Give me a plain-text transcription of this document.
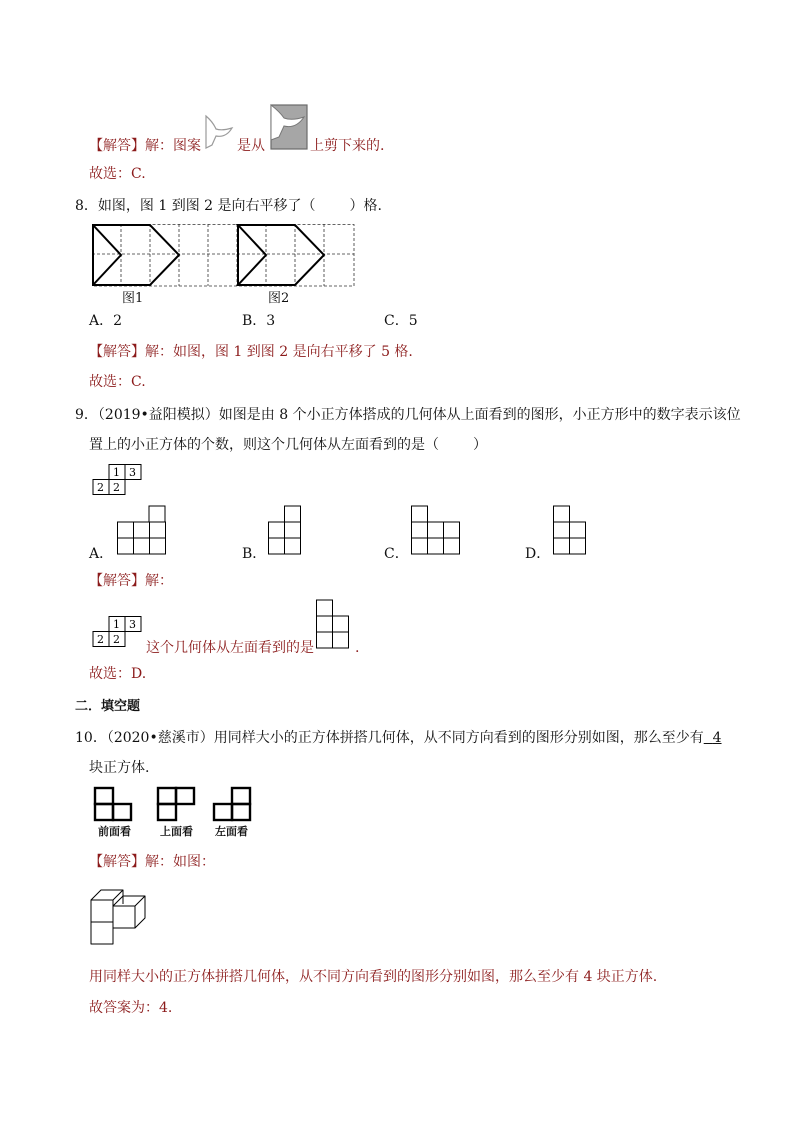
【解答】解：图案	是从	上剪下来的.
故选：C.
8．如图，图 1 到图 2 是向右平移了（ ）格.
图1	图2
A．2	B．3	C．5
【解答】解：如图，图 1 到图 2 是向右平移了 5 格.
故选：C.
9．（2019•益阳模拟）如图是由 8 个小正方体搭成的几何体从上面看到的图形，小正方形中的数字表示该位
置上的小正方体的个数，则这个几何体从左面看到的是（ ）
1 3
2 2
A．	B．	C．	D．
【解答】解：
1 3
2 2
这个几何体从左面看到的是	.
故选：D.
二．填空题
10．（2020•慈溪市）用同样大小的正方体拼搭几何体，从不同方向看到的图形分别如图，那么至少有 4
块正方体.
前面看	上面看 左面看
【解答】解：如图：
用同样大小的正方体拼搭几何体，从不同方向看到的图形分别如图，那么至少有 4 块正方体.
故答案为：4.
